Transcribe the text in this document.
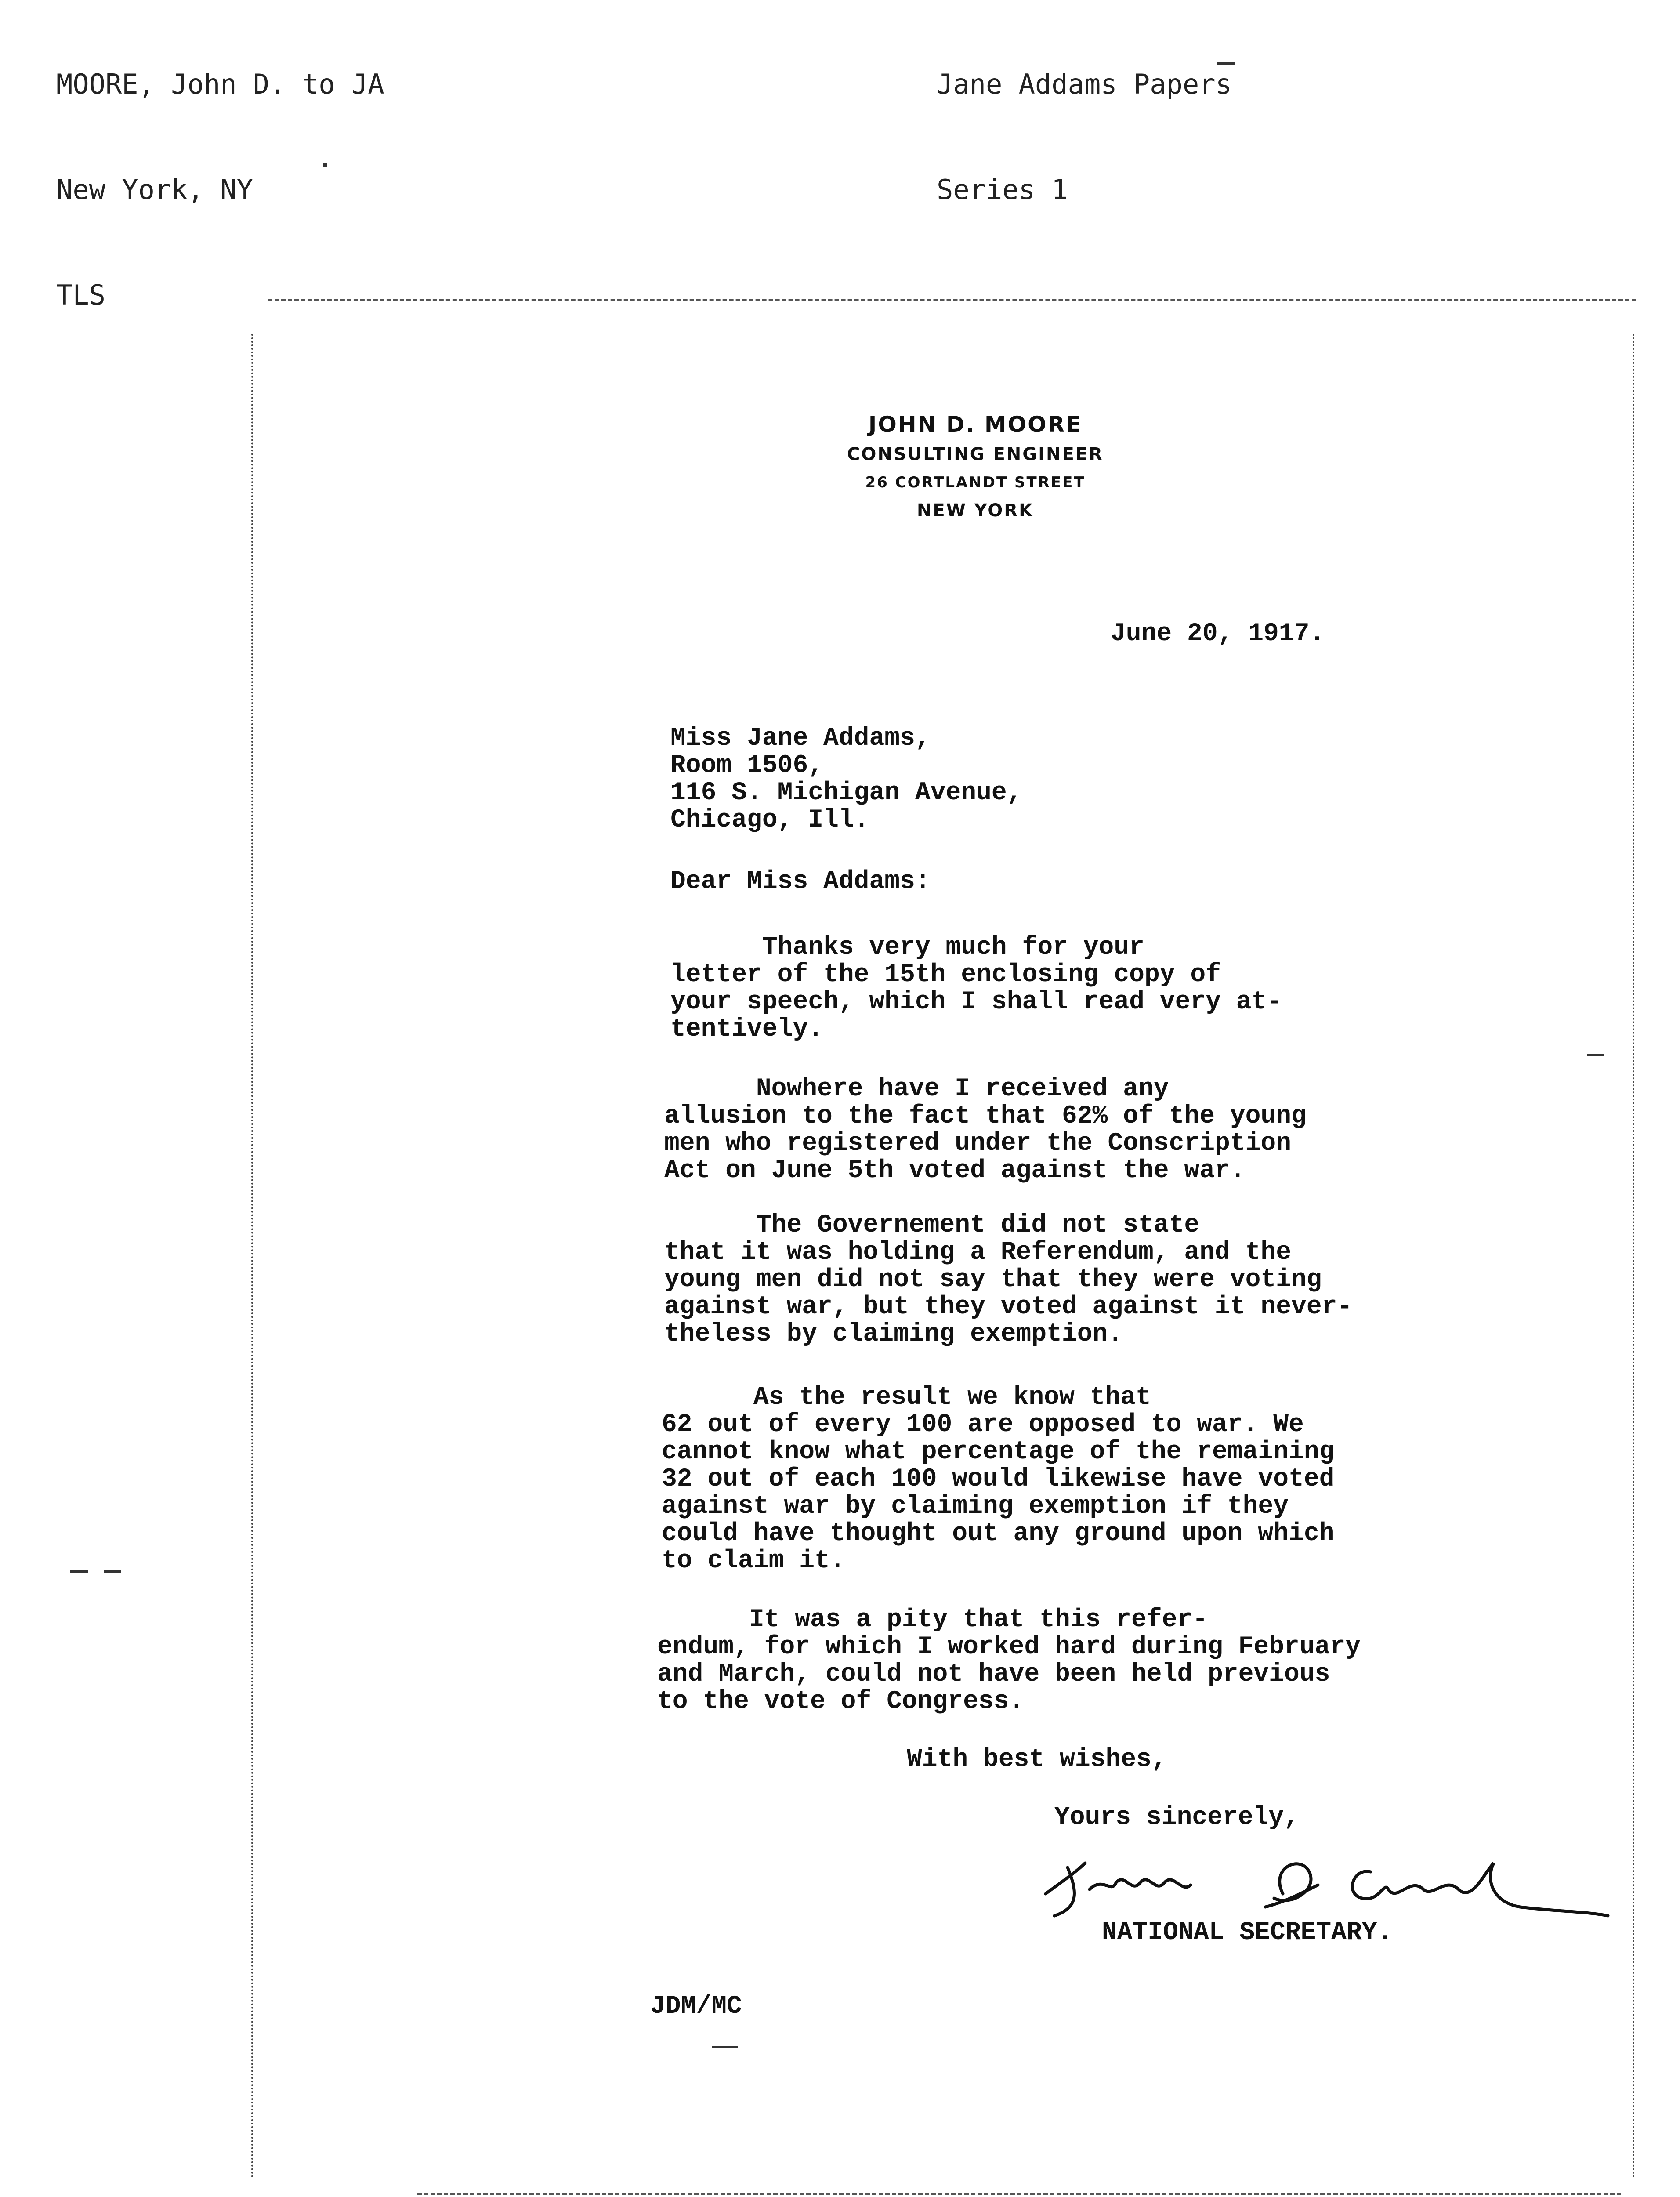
MOORE, John D. to JA

New York, NY

TLS

Jane Addams Papers

Series 1

JOHN D. MOORE
CONSULTING ENGINEER
26 CORTLANDT STREET
NEW YORK
June 20, 1917.
Miss Jane Addams,
Room 1506,
116 S. Michigan Avenue,
Chicago, Ill.
Dear Miss Addams:
Thanks very much for your
letter of the 15th enclosing copy of
your speech, which I shall read very at-
tentively.
Nowhere have I received any
allusion to the fact that 62% of the young
men who registered under the Conscription
Act on June 5th voted against the war.
The Governement did not state
that it was holding a Referendum, and the
young men did not say that they were voting
against war, but they voted against it never-
theless by claiming exemption.
As the result we know that
62 out of every 100 are opposed to war. We
cannot know what percentage of the remaining
32 out of each 100 would likewise have voted
against war by claiming exemption if they
could have thought out any ground upon which
to claim it.
It was a pity that this refer-
endum, for which I worked hard during February
and March, could not have been held previous
to the vote of Congress.
With best wishes,
Yours sincerely,
NATIONAL SECRETARY.
JDM/MC
